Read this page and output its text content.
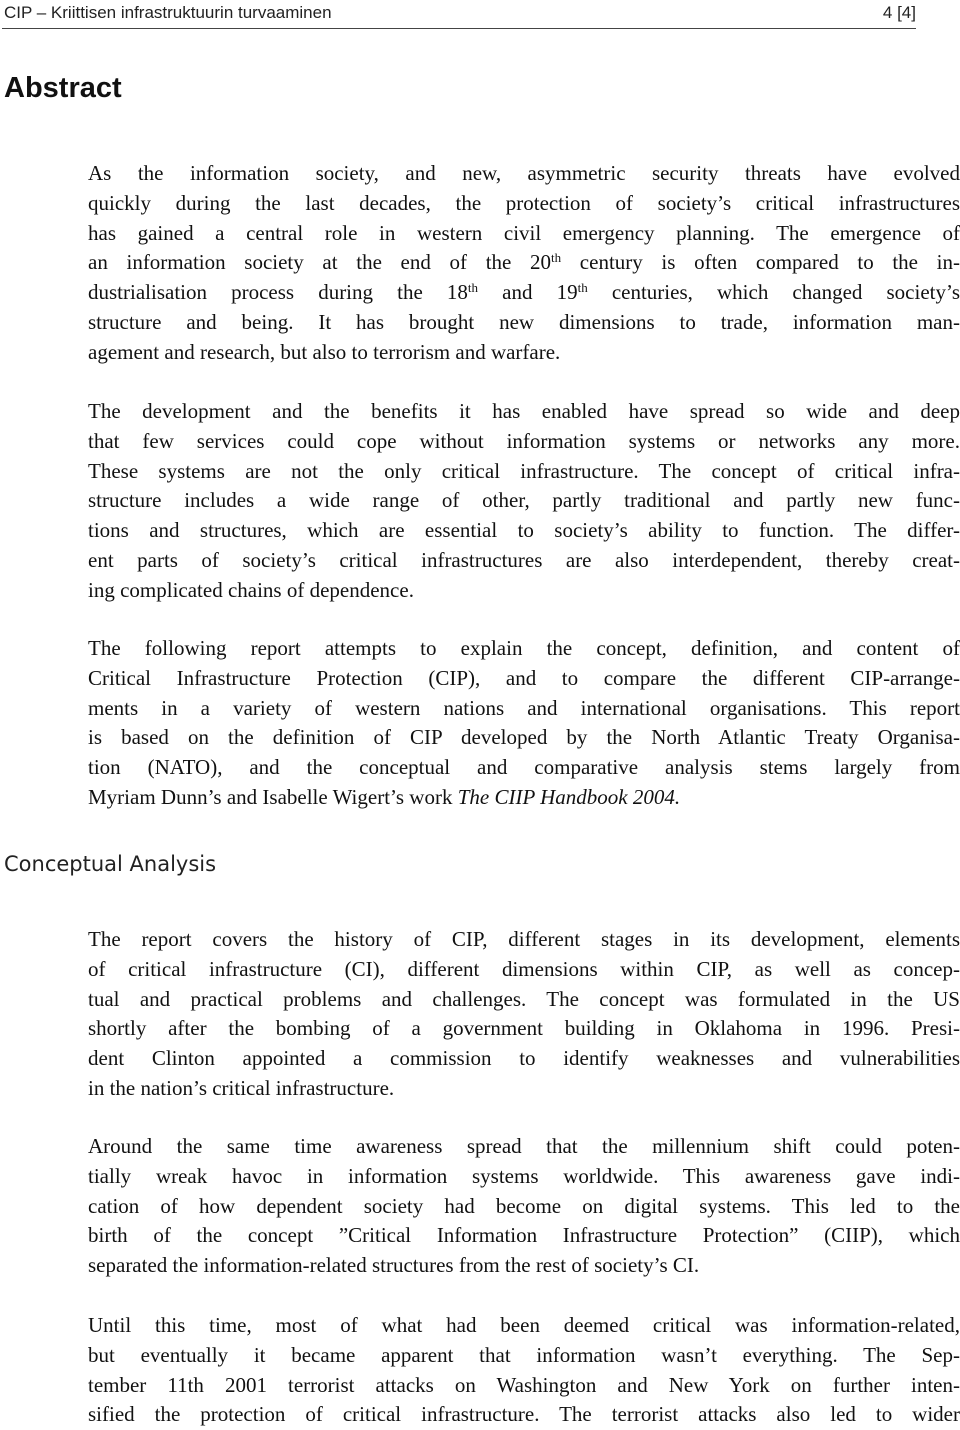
CIP – Kriittisen infrastruktuurin turvaaminen	4 [4]
Abstract
As the information society, and new, asymmetric security threats have evolved
quickly during the last decades, the protection of society’s critical infrastructures
has gained a central role in western civil emergency planning. The emergence of
an information society at the end of the 20th century is often compared to the in-
dustrialisation process during the 18th and 19th centuries, which changed society’s
structure and being. It has brought new dimensions to trade, information man-
agement and research, but also to terrorism and warfare.
The development and the benefits it has enabled have spread so wide and deep
that few services could cope without information systems or networks any more.
These systems are not the only critical infrastructure. The concept of critical infra-
structure includes a wide range of other, partly traditional and partly new func-
tions and structures, which are essential to society’s ability to function. The differ-
ent parts of society’s critical infrastructures are also interdependent, thereby creat-
ing complicated chains of dependence.
The following report attempts to explain the concept, definition, and content of
Critical Infrastructure Protection (CIP), and to compare the different CIP-arrange-
ments in a variety of western nations and international organisations. This report
is based on the definition of CIP developed by the North Atlantic Treaty Organisa-
tion (NATO), and the conceptual and comparative analysis stems largely from
Myriam Dunn’s and Isabelle Wigert’s work The CIIP Handbook 2004.
Conceptual Analysis
The report covers the history of CIP, different stages in its development, elements
of critical infrastructure (CI), different dimensions within CIP, as well as concep-
tual and practical problems and challenges. The concept was formulated in the US
shortly after the bombing of a government building in Oklahoma in 1996. Presi-
dent Clinton appointed a commission to identify weaknesses and vulnerabilities
in the nation’s critical infrastructure.
Around the same time awareness spread that the millennium shift could poten-
tially wreak havoc in information systems worldwide. This awareness gave indi-
cation of how dependent society had become on digital systems. This led to the
birth of the concept ”Critical Information Infrastructure Protection” (CIIP), which
separated the information-related structures from the rest of society’s CI.
Until this time, most of what had been deemed critical was information-related,
but eventually it became apparent that information wasn’t everything. The Sep-
tember 11th 2001 terrorist attacks on Washington and New York on further inten-
sified the protection of critical infrastructure. The terrorist attacks also led to wider
